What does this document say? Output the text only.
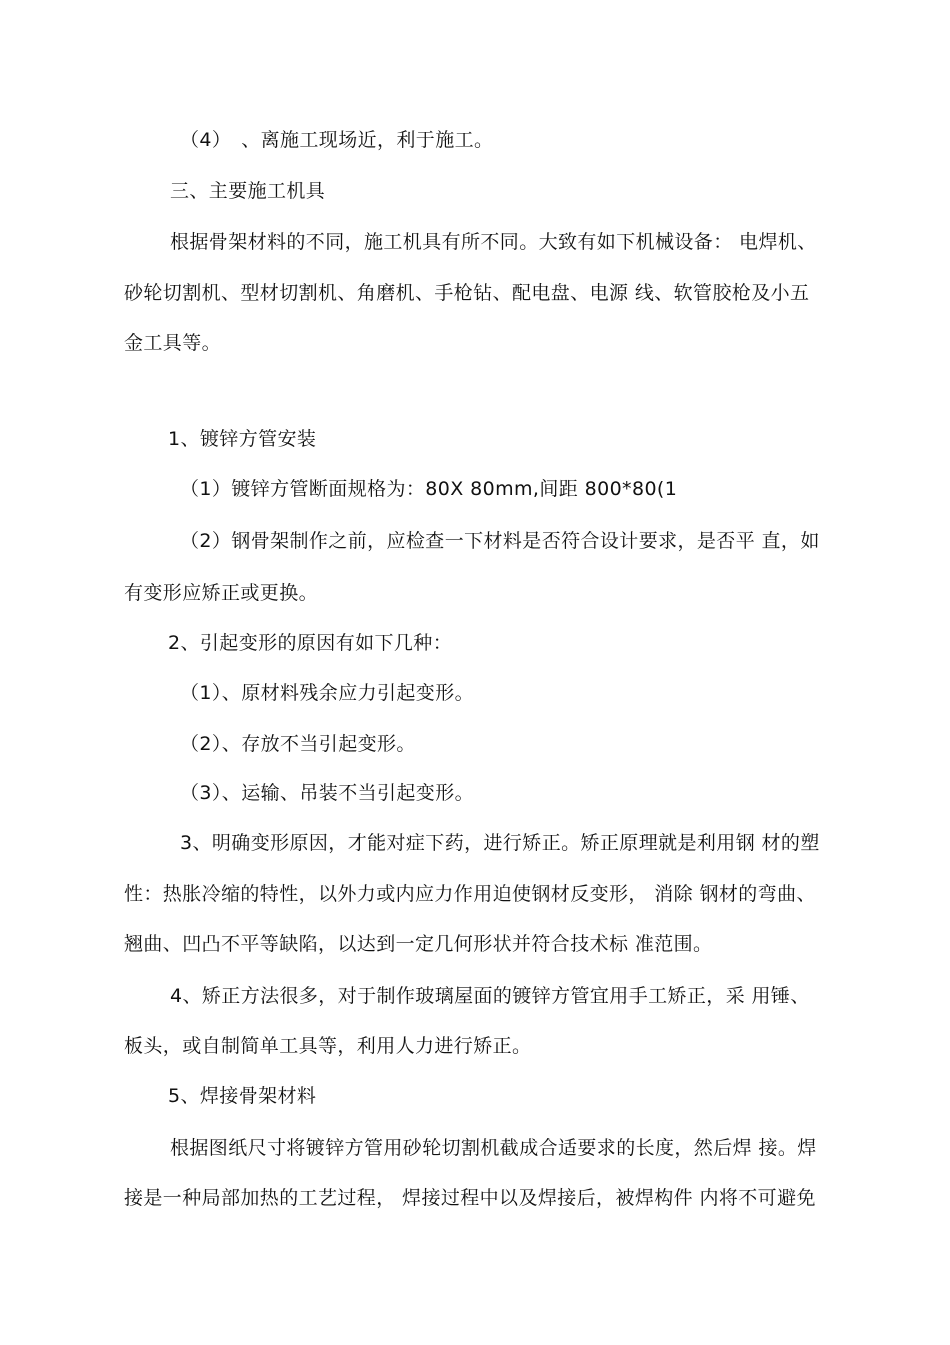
（4）　、离施工现场近，利于施工。
三、主要施工机具
根据骨架材料的不同，施工机具有所不同。大致有如下机械设备： 电焊机、
砂轮切割机、型材切割机、角磨机、手枪钻、配电盘、电源 线、软管胶枪及小五
金工具等。
1、镀锌方管安装
（1）镀锌方管断面规格为：80X 80mm,间距 800*80(1
（2）钢骨架制作之前，应检查一下材料是否符合设计要求，是否平 直，如
有变形应矫正或更换。
2、引起变形的原因有如下几种：
（1）、原材料残余应力引起变形。
（2）、存放不当引起变形。
（3）、运输、吊装不当引起变形。
3、明确变形原因，才能对症下药，进行矫正。矫正原理就是利用钢 材的塑
性：热胀冷缩的特性，以外力或内应力作用迫使钢材反变形， 消除 钢材的弯曲、
翘曲、凹凸不平等缺陷，以达到一定几何形状并符合技术标 准范围。
4、矫正方法很多，对于制作玻璃屋面的镀锌方管宜用手工矫正，采 用锤、
板头，或自制简单工具等，利用人力进行矫正。
5、焊接骨架材料
根据图纸尺寸将镀锌方管用砂轮切割机截成合适要求的长度，然后焊 接。焊
接是一种局部加热的工艺过程， 焊接过程中以及焊接后，被焊构件 内将不可避免
